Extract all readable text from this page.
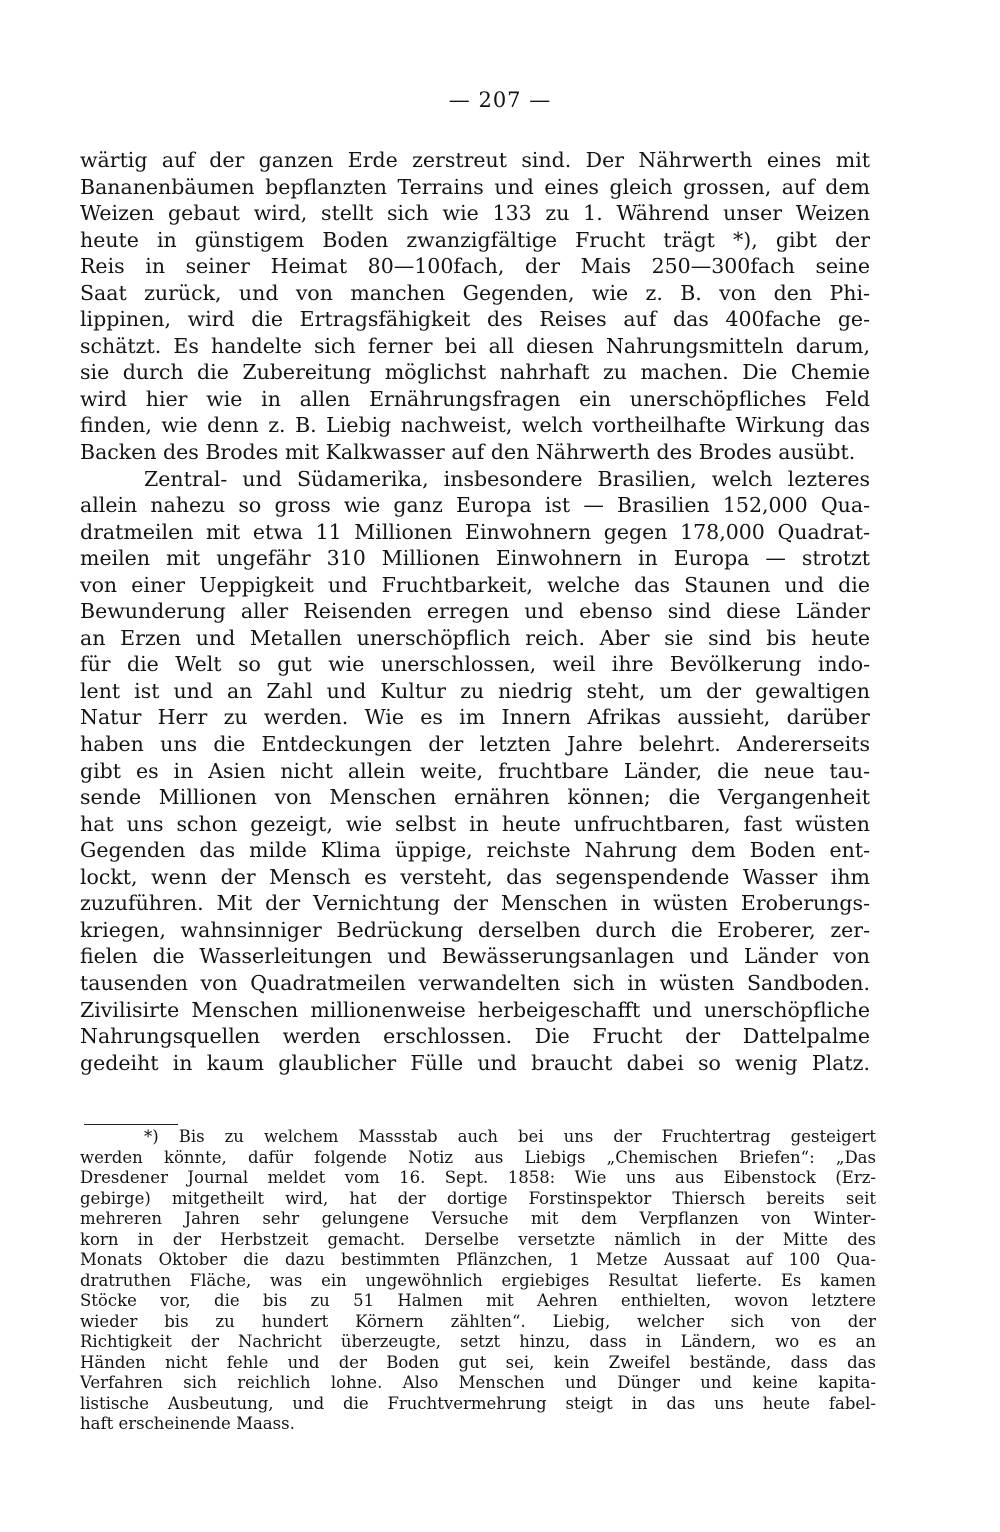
— 207 —
wärtig auf der ganzen Erde zerstreut sind. Der Nährwerth eines mit
Bananenbäumen bepflanzten Terrains und eines gleich grossen, auf dem
Weizen gebaut wird, stellt sich wie 133 zu 1. Während unser Weizen
heute in günstigem Boden zwanzigfältige Frucht trägt *), gibt der
Reis in seiner Heimat 80—100fach, der Mais 250—300fach seine
Saat zurück, und von manchen Gegenden, wie z. B. von den Phi-
lippinen, wird die Ertragsfähigkeit des Reises auf das 400fache ge-
schätzt. Es handelte sich ferner bei all diesen Nahrungsmitteln darum,
sie durch die Zubereitung möglichst nahrhaft zu machen. Die Chemie
wird hier wie in allen Ernährungsfragen ein unerschöpfliches Feld
finden, wie denn z. B. Liebig nachweist, welch vortheilhafte Wirkung das
Backen des Brodes mit Kalkwasser auf den Nährwerth des Brodes ausübt.
Zentral- und Südamerika, insbesondere Brasilien, welch lezteres
allein nahezu so gross wie ganz Europa ist — Brasilien 152,000 Qua-
dratmeilen mit etwa 11 Millionen Einwohnern gegen 178,000 Quadrat-
meilen mit ungefähr 310 Millionen Einwohnern in Europa — strotzt
von einer Ueppigkeit und Fruchtbarkeit, welche das Staunen und die
Bewunderung aller Reisenden erregen und ebenso sind diese Länder
an Erzen und Metallen unerschöpflich reich. Aber sie sind bis heute
für die Welt so gut wie unerschlossen, weil ihre Bevölkerung indo-
lent ist und an Zahl und Kultur zu niedrig steht, um der gewaltigen
Natur Herr zu werden. Wie es im Innern Afrikas aussieht, darüber
haben uns die Entdeckungen der letzten Jahre belehrt. Andererseits
gibt es in Asien nicht allein weite, fruchtbare Länder, die neue tau-
sende Millionen von Menschen ernähren können; die Vergangenheit
hat uns schon gezeigt, wie selbst in heute unfruchtbaren, fast wüsten
Gegenden das milde Klima üppige, reichste Nahrung dem Boden ent-
lockt, wenn der Mensch es versteht, das segenspendende Wasser ihm
zuzuführen. Mit der Vernichtung der Menschen in wüsten Eroberungs-
kriegen, wahnsinniger Bedrückung derselben durch die Eroberer, zer-
fielen die Wasserleitungen und Bewässerungsanlagen und Länder von
tausenden von Quadratmeilen verwandelten sich in wüsten Sandboden.
Zivilisirte Menschen millionenweise herbeigeschafft und unerschöpfliche
Nahrungsquellen werden erschlossen. Die Frucht der Dattelpalme
gedeiht in kaum glaublicher Fülle und braucht dabei so wenig Platz.
*) Bis zu welchem Massstab auch bei uns der Fruchtertrag gesteigert
werden könnte, dafür folgende Notiz aus Liebigs „Chemischen Briefen“: „Das
Dresdener Journal meldet vom 16. Sept. 1858: Wie uns aus Eibenstock (Erz-
gebirge) mitgetheilt wird, hat der dortige Forstinspektor Thiersch bereits seit
mehreren Jahren sehr gelungene Versuche mit dem Verpflanzen von Winter-
korn in der Herbstzeit gemacht. Derselbe versetzte nämlich in der Mitte des
Monats Oktober die dazu bestimmten Pflänzchen, 1 Metze Aussaat auf 100 Qua-
dratruthen Fläche, was ein ungewöhnlich ergiebiges Resultat lieferte. Es kamen
Stöcke vor, die bis zu 51 Halmen mit Aehren enthielten, wovon letztere
wieder bis zu hundert Körnern zählten“. Liebig, welcher sich von der
Richtigkeit der Nachricht überzeugte, setzt hinzu, dass in Ländern, wo es an
Händen nicht fehle und der Boden gut sei, kein Zweifel bestände, dass das
Verfahren sich reichlich lohne. Also Menschen und Dünger und keine kapita-
listische Ausbeutung, und die Fruchtvermehrung steigt in das uns heute fabel-
haft erscheinende Maass.
